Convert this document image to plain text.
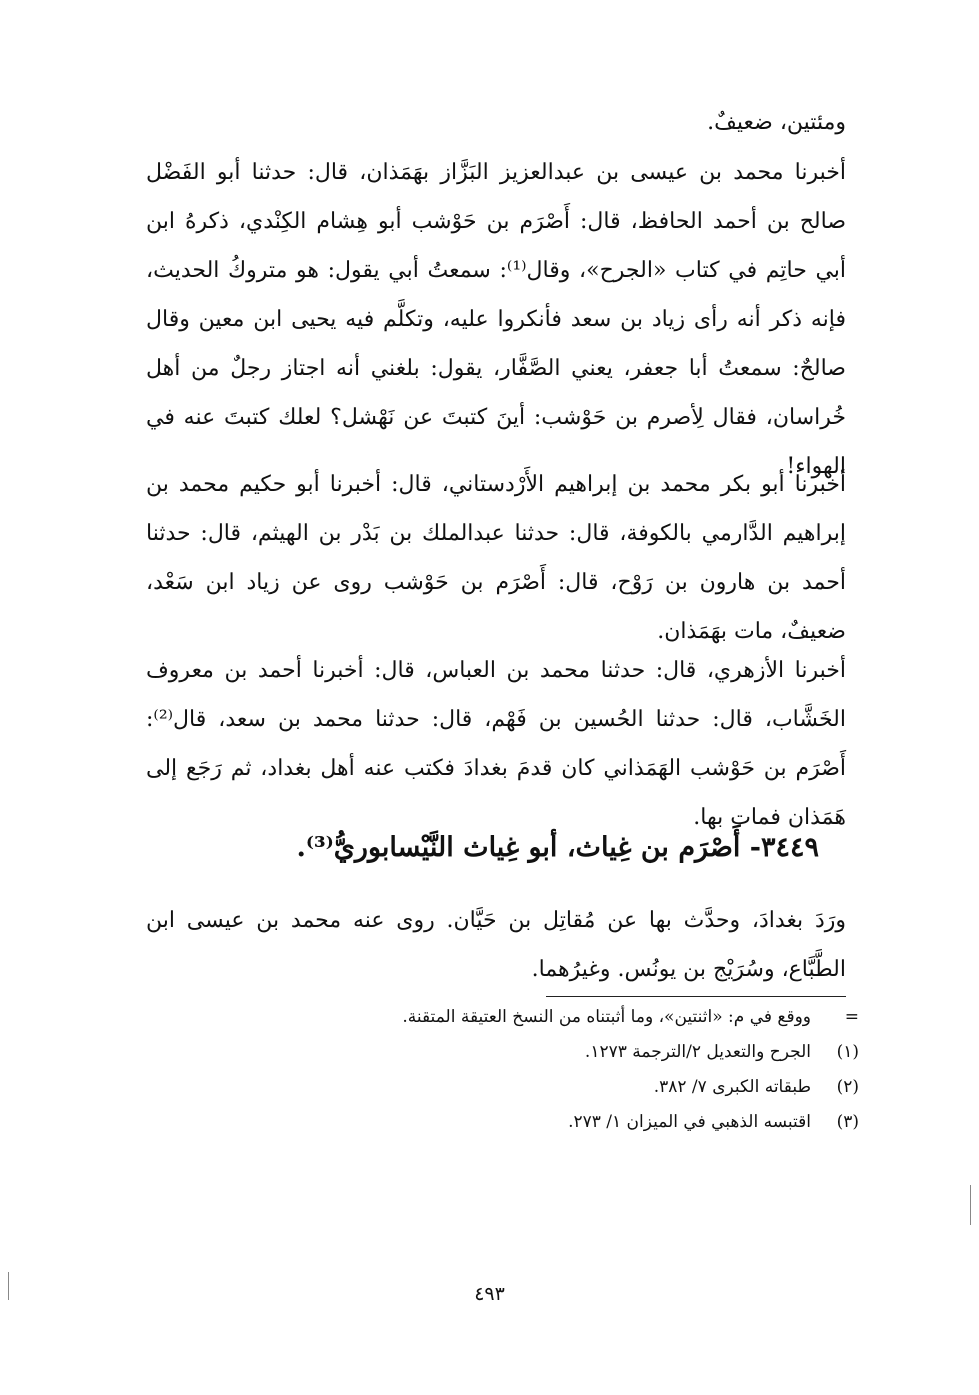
ومئتين، ضعيفٌ.

أخبرنا محمد بن عيسى بن عبدالعزيز البَزَّاز بهَمَذان، قال: حدثنا أبو الفَضْل صالح بن أحمد الحافظ، قال: أَصْرَم بن حَوْشب أبو هِشام الكِنْدي، ذكرهُ ابن أبي حاتِم في كتاب «الجرح»، وقال⁽¹⁾: سمعتُ أبي يقول: هو متروكُ الحديث، فإنه ذكر أنه رأى زياد بن سعد فأنكروا عليه، وتكلَّم فيه يحيى ابن معين وقال صالحٌ: سمعتُ أبا جعفر، يعني الصَّفَّار، يقول: بلغني أنه اجتاز رجلٌ من أهل خُراسان، فقال لِأصرم بن حَوْشب: أينَ كتبتَ عن نَهْشل؟ لعلك كتبتَ عنه في الهواء!

أخبرنا أبو بكر محمد بن إبراهيم الأَرْدستاني، قال: أخبرنا أبو حكيم محمد بن إبراهيم الدَّارمي بالكوفة، قال: حدثنا عبدالملك بن بَدْر بن الهيثم، قال: حدثنا أحمد بن هارون بن رَوْح، قال: أَصْرَم بن حَوْشب روى عن زياد ابن سَعْد، ضعيفٌ، مات بهَمَذان.

أخبرنا الأزهري، قال: حدثنا محمد بن العباس، قال: أخبرنا أحمد بن معروف الخَشَّاب، قال: حدثنا الحُسين بن فَهْم، قال: حدثنا محمد بن سعد، قال⁽²⁾: أَصْرَم بن حَوْشب الهَمَذاني كان قدمَ بغدادَ فكتب عنه أهل بغداد، ثم رَجَع إلى هَمَذان فمات بها.

٣٤٤٩- أَصْرَم بن غِياث، أبو غِياث النَّيْسابوريُّ⁽³⁾.

ورَدَ بغدادَ، وحدَّث بها عن مُقاتِل بن حَيَّان. روى عنه محمد بن عيسى ابن الطَّبَّاع، وسُرَيْج بن يونُس. وغيرُهما.

=ووقع في م: «اثنتين»، وما أثبتناه من النسخ العتيقة المتقنة.

(١)الجرح والتعديل ٢/الترجمة ١٢٧٣.

(٢)طبقاته الكبرى ٧/ ٣٨٢.

(٣)اقتبسه الذهبي في الميزان ١/ ٢٧٣.

٤٩٣
